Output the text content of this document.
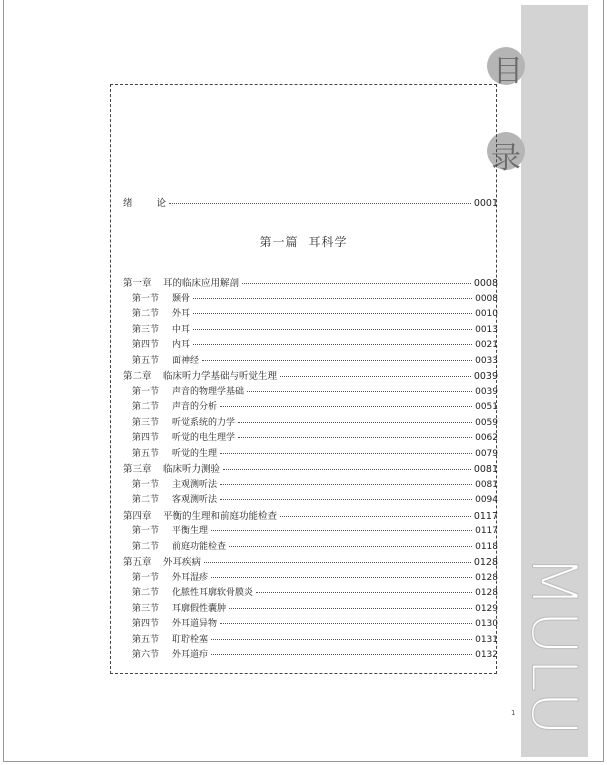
目
录
MULU
绪	论	0001
第一篇 耳科学
第一章	耳的临床应用解剖	0008
第一节	颞骨	0008
第二节	外耳	0010
第三节	中耳	0013
第四节	内耳	0021
第五节	面神经	0033
第二章	临床听力学基础与听觉生理	0039
第一节	声音的物理学基础	0039
第二节	声音的分析	0051
第三节	听觉系统的力学	0059
第四节	听觉的电生理学	0062
第五节	听觉的生理	0079
第三章	临床听力测验	0081
第一节	主观测听法	0081
第二节	客观测听法	0094
第四章	平衡的生理和前庭功能检查	0117
第一节	平衡生理	0117
第二节	前庭功能检查	0118
第五章	外耳疾病	0128
第一节	外耳湿疹	0128
第二节	化脓性耳廓软骨膜炎	0128
第三节	耳廓假性囊肿	0129
第四节	外耳道异物	0130
第五节	耵聍栓塞	0131
第六节	外耳道疖	0132
1
